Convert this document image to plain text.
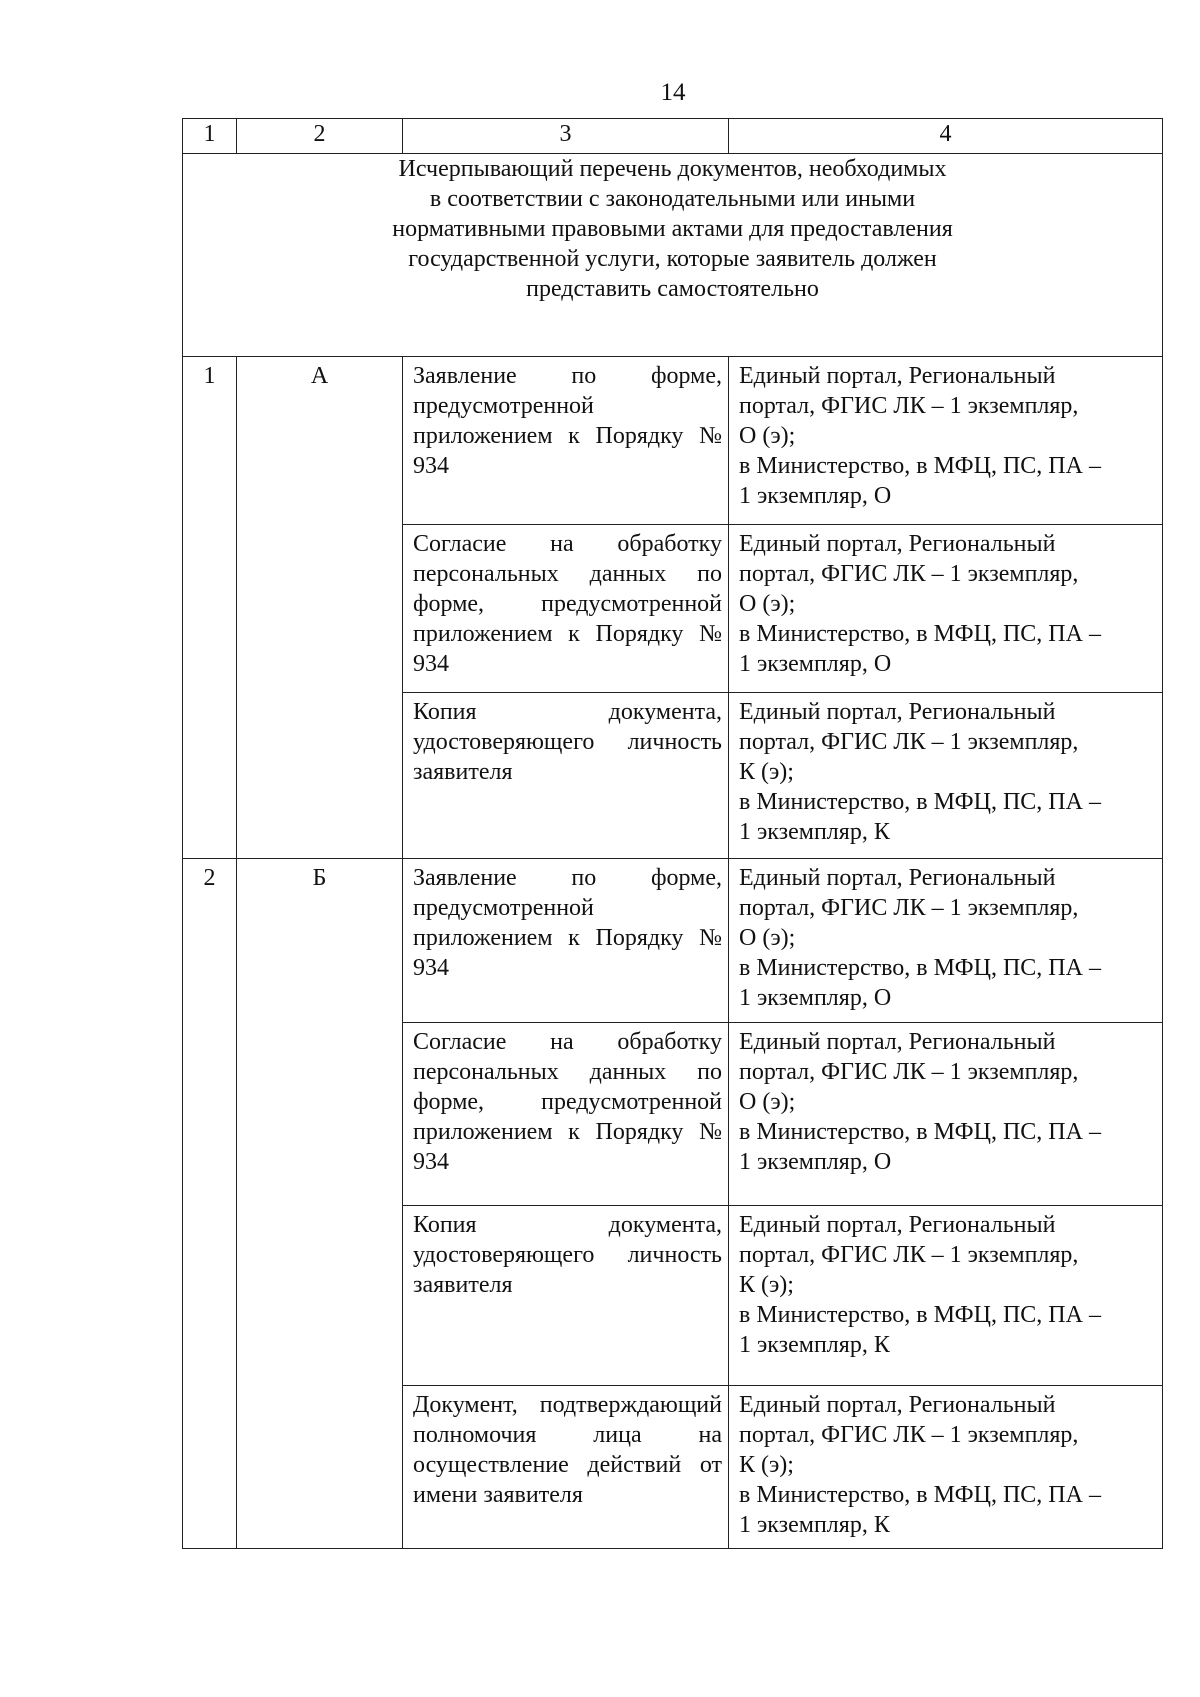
14
1	2	3	4

Исчерпывающий перечень документов, необходимых
в соответствии с законодательными или иными
нормативными правовыми актами для предоставления
государственной услуги, которые заявитель должен
представить самостоятельно			

1	А	Заявление по форме, предусмотренной приложением к Порядку № 934	Единый портал, Региональный
портал, ФГИС ЛК – 1 экземпляр,
О (э);
в Министерство, в МФЦ, ПС, ПА –
1 экземпляр, О

		Согласие на обработку персональных данных по форме, предусмотренной приложением к Порядку № 934	Единый портал, Региональный
портал, ФГИС ЛК – 1 экземпляр,
О (э);
в Министерство, в МФЦ, ПС, ПА –
1 экземпляр, О

		Копия документа, удостоверяющего личность заявителя	Единый портал, Региональный
портал, ФГИС ЛК – 1 экземпляр,
К (э);
в Министерство, в МФЦ, ПС, ПА –
1 экземпляр, К

2	Б	Заявление по форме, предусмотренной приложением к Порядку № 934	Единый портал, Региональный
портал, ФГИС ЛК – 1 экземпляр,
О (э);
в Министерство, в МФЦ, ПС, ПА –
1 экземпляр, О

		Согласие на обработку персональных данных по форме, предусмотренной приложением к Порядку № 934	Единый портал, Региональный
портал, ФГИС ЛК – 1 экземпляр,
О (э);
в Министерство, в МФЦ, ПС, ПА –
1 экземпляр, О

		Копия документа, удостоверяющего личность заявителя	Единый портал, Региональный
портал, ФГИС ЛК – 1 экземпляр,
К (э);
в Министерство, в МФЦ, ПС, ПА –
1 экземпляр, К

		Документ, подтверждающий полномочия лица на осуществление действий от имени заявителя	Единый портал, Региональный
портал, ФГИС ЛК – 1 экземпляр,
К (э);
в Министерство, в МФЦ, ПС, ПА –
1 экземпляр, К
